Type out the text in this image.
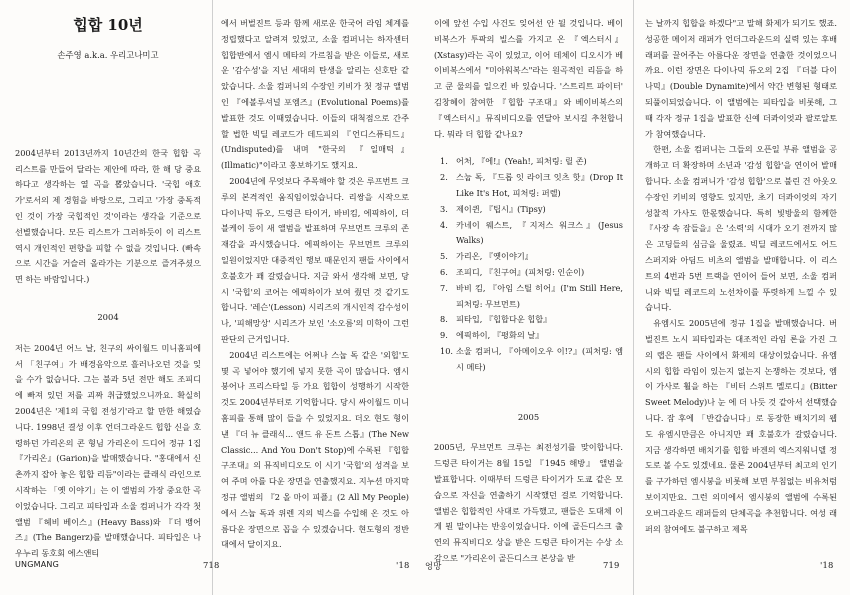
힙합 10년
손주영 a.k.a. 우리고나미고

2004년부터 2013년까지 10년간의 한국 힙합 곡 리스트를 만들어 달라는 제안에 따라, 한 해 당 중요하다고 생각하는 열 곡을 뽑았습니다. '국힙 애호가'로서의 제 경험을 바탕으로, 그리고 '가장 중독적인 것이 가장 국힙적인 것'이라는 생각을 기준으로 선별했습니다. 모든 리스트가 그러하듯이 이 리스트 역시 개인적인 편향을 피할 수 없을 것입니다. (빠속으로 시간을 거슬러 올라가는 기분으로 즐겨주셨으면 하는 바람입니다.)

2004

저는 2004년 어느 날, 친구의 싸이월드 미니홈피에서 「친구여」가 배경음악으로 흘러나오던 것을 잊을 수가 없습니다. 그는 불과 5년 전만 해도 조피디에 빠져 있던 저를 괴짜 취급했었으니까요. 확실히 2004년은 '제1의 국힙 전성기'라고 할 만한 해였습니다. 1998년 결성 이후 언더그라운드 힙합 신을 호령하던 가리온의 콘 형님 가리온이 드디어 정규 1집 『가리온』(Garion)을 발매했습니다. "홍대에서 신촌까지 잡아 놓은 힙합 리듬"이라는 클래식 라인으로 시작하는 「옛 이야기」는 이 앨범의 가장 중요한 곡이었습니다. 그리고 피타입과 소울 컴퍼니가 각각 첫 앨범 『헤비 베이스』(Heavy Bass)와 『더 뱅어즈』(The Bangerz)를 발매했습니다. 피타입은 나우누리 동호회 에스앤티

에서 버벌진트 등과 함께 새로운 한국어 라임 체계를 정립했다고 알려져 있었고, 소울 컴퍼니는 하자센터 힙합반에서 엠시 메타의 가르침을 받은 이들로, 새로운 '감수성'을 지닌 세대의 탄생을 알리는 신호탄 같았습니다. 소울 컴퍼니의 수장인 키비가 첫 정규 앨범인 『에볼루셔널 포엠즈』(Evolutional Poems)를 발표한 것도 이때였습니다. 이들의 대척점으로 간주할 법한 빅딜 레코드가 데드피의 『언디스퓨티드』(Undisputed)를 내며 "한국의 『일매틱』(Illmatic)"이라고 홍보하기도 했지요.

2004년에 무엇보다 주목해야 할 것은 루프번트 크루의 본격적인 움직임이었습니다. 리쌍을 시작으로 다이나믹 듀오, 드렁큰 타이거, 바비킴, 에픽하이, 더블케이 등이 새 앨범을 발표하며 무브먼트 크루의 존재감을 과시했습니다. 에픽하이는 무브먼트 크루의 일원이었지만 대중적인 행보 때문인지 팬들 사이에서 호불호가 꽤 갈렸습니다. 지금 와서 생각해 보면, 당시 '국힙'의 코어는 에픽하이가 보여 줬던 것 같기도 합니다. '레슨'(Lesson) 시리즈의 개시인적 감수성이나, '피해망상' 시리즈가 보인 '소오름'의 미학이 그런 판단의 근거입니다.

2004년 리스트에는 어쩌나 스눕 독 같은 '외힙'도 몇 곡 넣어야 했기에 넣지 못한 곡이 많습니다. 엠시붕어나 프리스타일 등 가요 힙합이 성행하기 시작한 것도 2004년부터로 기억합니다. 당시 싸이월드 미니홈피를 통해 많이 들을 수 있었지요. 더오 현도 형이 낸 『더 뉴 클래식... 앤드 유 돈트 스톱』(The New Classic... And You Don't Stop)에 수록된 『힙합 구조대』의 뮤직비디오도 이 시기 '국힙'의 성격을 보여 주며 아를 다운 장면을 연출했지요. 지누션 마지막 정규 앨범의 『2 올 마이 피플』(2 All My People)에서 스눕 독과 위렌 지의 빅스를 수입해 온 것도 아름다운 장면으로 꼽을 수 있겠습니다. 현도형의 정반대에서 달이지요.

UNGMANG	718	'18

이에 앞선 수입 사건도 잊어선 안 될 것입니다. 베이비복스가 투팍의 빌스를 가지고 온 『엑스터시』(Xstasy)라는 곡이 있었고, 이어 데체이 디오시가 베이비복스에서 "미아워복스"라는 원곡적인 리듬을 하고 쿤 물의를 일으킨 바 있습니다. '스트리트 파이터' 김창혜이 참여한 『힙합 구조대』와 베이비복스의 『엑스터시』뮤직비디오를 연달아 보시길 추천합니다. 뭐라 더 힙합 같나요?

1. 어처, 『에!』(Yeah!, 피처링: 릴 존)
2. 스눕 독, 『드롭 잇 라이크 잇츠 핫』(Drop It Like It's Hot, 피처링: 퍼렐)
3. 제이퀸, 『팁시』(Tipsy)
4. 카네이 웨스트, 『지저스 워크스』(Jesus Walks)
5. 가리온, 『옛이야기』
6. 조피디, 『친구여』(피처링: 인순이)
7. 바비 킴, 『아임 스틸 히어』(I'm Still Here, 피처링: 무브먼트)
8. 피타입, 『힙합다운 힙합』
9. 에픽하이, 『평화의 날』
10. 소울 컴퍼니, 『아메이오우 이!?』(피처링: 엠시 메타)
2005

2005년, 무브먼트 크루는 최전성기를 맞이합니다. 드렁큰 타이거는 8월 15일 『1945 해방』 앨범을 발표합니다. 이때부터 드렁큰 타이거가 도쿄 같은 모습으로 자신을 연출하기 시작했던 걸로 기억합니다. 앨범은 힙합적인 사대로 가득했고, 팬들은 도대체 이게 뭔 말이냐는 반응이었습니다. 이에 골든디스크 출연의 뮤직비디오 상을 받은 드렁큰 타이거는 수상 소감으로 "가리온이 골든디스크 본상을 받

는 날까지 힙합을 하겠다"고 말해 화제가 되기도 했죠. 성공한 메이저 래퍼가 언더그라운드의 실력 있는 후배 래퍼를 끌어주는 아름다운 장면을 연출한 것이었으니까요. 이런 장면은 다이나믹 듀오의 2집 『더블 다이나믹』(Double Dynamite)에서 약간 변형된 형태로 되풀이되었습니다. 이 앨범에는 피타입을 비롯해, 그때 각자 정규 1집을 발표한 신예 더콰이엇과 팔로알토가 참여했습니다.

한편, 소울 컴퍼니는 그들의 오픈일 부류 앨범을 공개하고 더 확장하며 소년과 '감성 힙합'을 연이어 발매합니다. 소울 컴퍼니가 '감성 힙합'으로 불린 건 아웃오수장인 키비의 영향도 있지만, 초기 더콰이엇의 자기 성찰적 가사도 한몫했습니다. 특히 빛방울의 함께한 『사장 속 잠들을』은 '소력'의 시대가 오기 전까지 많은 고딩들의 심금을 울렸죠. 빅딜 레코드에서도 어드스퍼지와 아딤드 비츠의 앨범을 발매합니다. 이 리스트의 4번과 5번 트랙을 연이어 들어 보면, 소울 컴퍼니와 빅딜 레코드의 노선차이를 뚜렷하게 느낄 수 있습니다.

유엠시도 2005년에 정규 1집을 발매했습니다. 버벌진트 노시 피타입과는 대조적인 라임 론을 가진 그의 랩은 팬들 사이에서 화제의 대상이었습니다. 유엠시의 힙합 라임이 있는지 없는지 논쟁하는 것보다, 엠이 가사로 훨을 하는 『비터 스위트 멜로디』(Bitter Sweet Melody)나 눈 에 더 나듯 것 같아서 선택했습니다. 잠 후에 「반갑습니다」로 동장한 배치기의 웹도 유엠시만큼은 아니지만 꽤 호불호가 갈렸습니다. 지금 생각하면 배치기를 힙합 바겐의 엑스지워니델 정도로 볼 수도 있겠네요. 물론 2004년부터 최고의 인기를 구가하던 엠시붕을 비롯해 보면 부침없는 비유처럼 보이지만요. 그런 의미에서 엠시붕의 앨범에 수록된 오버그라운드 래퍼들의 단체곡을 추천합니다. 여성 래퍼의 참여에도 불구하고 제목

엉망	719	'18
